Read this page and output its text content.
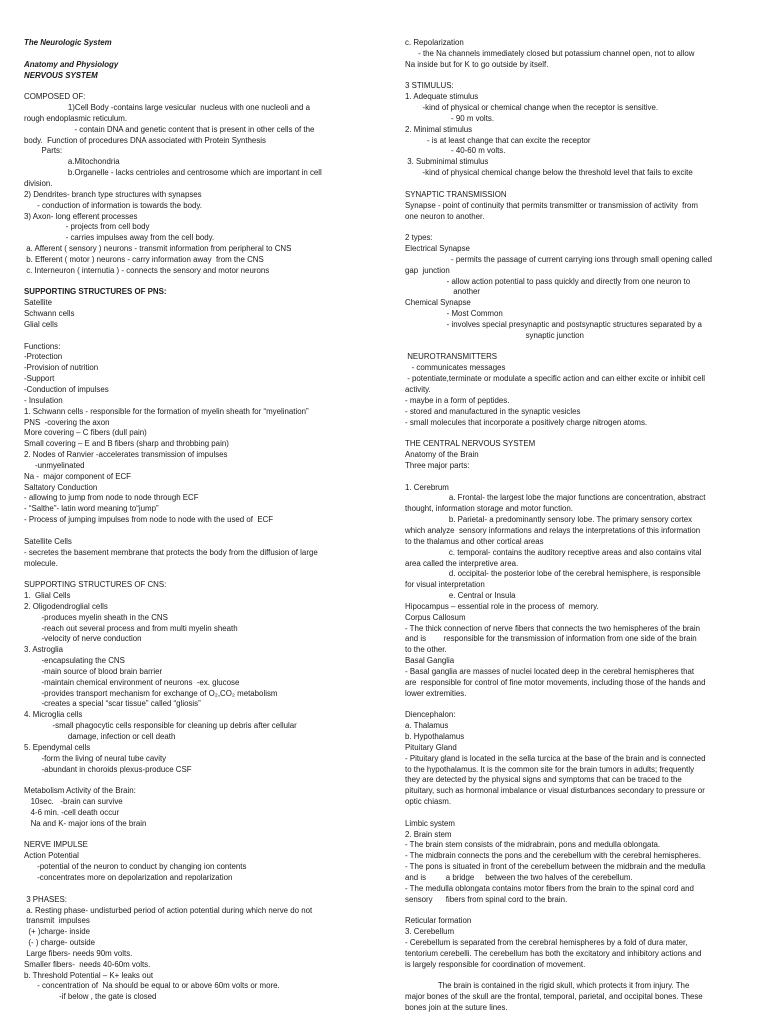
The Neurologic System
Anatomy and Physiology
NERVOUS SYSTEM
COMPOSED OF:
1)Cell Body -contains large vesicular  nucleus with one nucleoli and a
rough endoplasmic reticulum.
- contain DNA and genetic content that is present in other cells of the
body.  Function of procedures DNA associated with Protein Synthesis
Parts:
a.Mitochondria
b.Organelle - lacks centrioles and centrosome which are important in cell
division.
2) Dendrites- branch type structures with synapses
- conduction of information is towards the body.
3) Axon- long efferent processes
- projects from cell body
- carries impulses away from the cell body.
a. Afferent ( sensory ) neurons - transmit information from peripheral to CNS
b. Efferent ( motor ) neurons - carry information away  from the CNS
c. Interneuron ( internutia ) - connects the sensory and motor neurons
SUPPORTING STRUCTURES OF PNS:
Satellite
Schwann cells
Glial cells
Functions:
-Protection
-Provision of nutrition
-Support
-Conduction of impulses
- Insulation
1. Schwann cells - responsible for the formation of myelin sheath for “myelination”
PNS  -covering the axon
More covering – C fibers (dull pain)
Small covering – E and B fibers (sharp and throbbing pain)
2. Nodes of Ranvier -accelerates transmission of impulses
-unmyelinated
Na -  major component of ECF
Saltatory Conduction
- allowing to jump from node to node through ECF
- “Salthe”- latin word meaning to“jump”
- Process of jumping impulses from node to node with the used of  ECF
Satellite Cells
- secretes the basement membrane that protects the body from the diffusion of large
molecule.
SUPPORTING STRUCTURES OF CNS:
1.  Glial Cells
2. Oligodendroglial cells
-produces myelin sheath in the CNS
-reach out several process and from multi myelin sheath
-velocity of nerve conduction
3. Astroglia
-encapsulating the CNS
-main source of blood brain barrier
-maintain chemical environment of neurons  -ex. glucose
-provides transport mechanism for exchange of O₂,CO₂ metabolism
-creates a special “scar tissue” called “gliosis”
4. Microglia cells
-small phagocytic cells responsible for cleaning up debris after cellular
damage, infection or cell death
5. Ependymal cells
-form the living of neural tube cavity
-abundant in choroids plexus-produce CSF
Metabolism Activity of the Brain:
10sec.   -brain can survive
4-6 min. -cell death occur
Na and K- major ions of the brain
NERVE IMPULSE
Action Potential
-potential of the neuron to conduct by changing ion contents
-concentrates more on depolarization and repolarization
3 PHASES:
a. Resting phase- undisturbed period of action potential during which nerve do not
transmit  impulses
(+ )charge- inside
(- ) charge- outside
Large fibers- needs 90m volts.
Smaller fibers-  needs 40-60m volts.
b. Threshold Potential – K+ leaks out
- concentration of  Na should be equal to or above 60m volts or more.
-if below , the gate is closed
c. Repolarization
- the Na channels immediately closed but potassium channel open, not to allow
Na inside but for K to go outside by itself.
3 STIMULUS:
1. Adequate stimulus
-kind of physical or chemical change when the receptor is sensitive.
- 90 m volts.
2. Minimal stimulus
- is at least change that can excite the receptor
- 40-60 m volts.
3. Subminimal stimulus
-kind of physical chemical change below the threshold level that fails to excite
SYNAPTIC TRANSMISSION
Synapse - point of continuity that permits transmitter or transmission of activity  from
one neuron to another.
2 types:
Electrical Synapse
- permits the passage of current carrying ions through small opening called
gap  junction
- allow action potential to pass quickly and directly from one neuron to
another
Chemical Synapse
- Most Common
- involves special presynaptic and postsynaptic structures separated by a
synaptic junction
NEUROTRANSMITTERS
- communicates messages
- potentiate,terminate or modulate a specific action and can either excite or inhibit cell
activity.
- maybe in a form of peptides.
- stored and manufactured in the synaptic vesicles
- small molecules that incorporate a positively charge nitrogen atoms.
THE CENTRAL NERVOUS SYSTEM
Anatomy of the Brain
Three major parts:
1. Cerebrum
a. Frontal- the largest lobe the major functions are concentration, abstract
thought, information storage and motor function.
b. Parietal- a predominantly sensory lobe. The primary sensory cortex
which analyze  sensory informations and relays the interpretations of this information
to the thalamus and other cortical areas
c. temporal- contains the auditory receptive areas and also contains vital
area called the interpretive area.
d. occipital- the posterior lobe of the cerebral hemisphere, is responsible
for visual interpretation
e. Central or Insula
Hipocampus – essential role in the process of  memory.
Corpus Callosum
- The thick connection of nerve fibers that connects the two hemispheres of the brain
and is        responsible for the transmission of information from one side of the brain
to the other.
Basal Ganglia
- Basal ganglia are masses of nuclei located deep in the cerebral hemispheres that
are  responsible for control of fine motor movements, including those of the hands and
lower extremities.
Diencephalon:
a. Thalamus
b. Hypothalamus
Pituitary Gland
- Pituitary gland is located in the sella turcica at the base of the brain and is connected
to the hypothalamus. It is the common site for the brain tumors in adults; frequently
they are detected by the physical signs and symptoms that can be traced to the
pituitary, such as hormonal imbalance or visual disturbances secondary to pressure or
optic chiasm.
Limbic system
2. Brain stem
- The brain stem consists of the midrabrain, pons and medulla oblongata.
- The midbrain connects the pons and the cerebellum with the cerebral hemispheres.
- The pons is situated in front of the cerebellum between the midbrain and the medulla
and is         a bridge     between the two halves of the cerebellum.
- The medulla oblongata contains motor fibers from the brain to the spinal cord and
sensory      fibers from spinal cord to the brain.
Reticular formation
3. Cerebellum
- Cerebellum is separated from the cerebral hemispheres by a fold of dura mater,
tentorium cerebelli. The cerebellum has both the excitatory and inhibitory actions and
is largely responsible for coordination of movement.
The brain is contained in the rigid skull, which protects it from injury. The
major bones of the skull are the frontal, temporal, parietal, and occipital bones. These
bones join at the suture lines.
